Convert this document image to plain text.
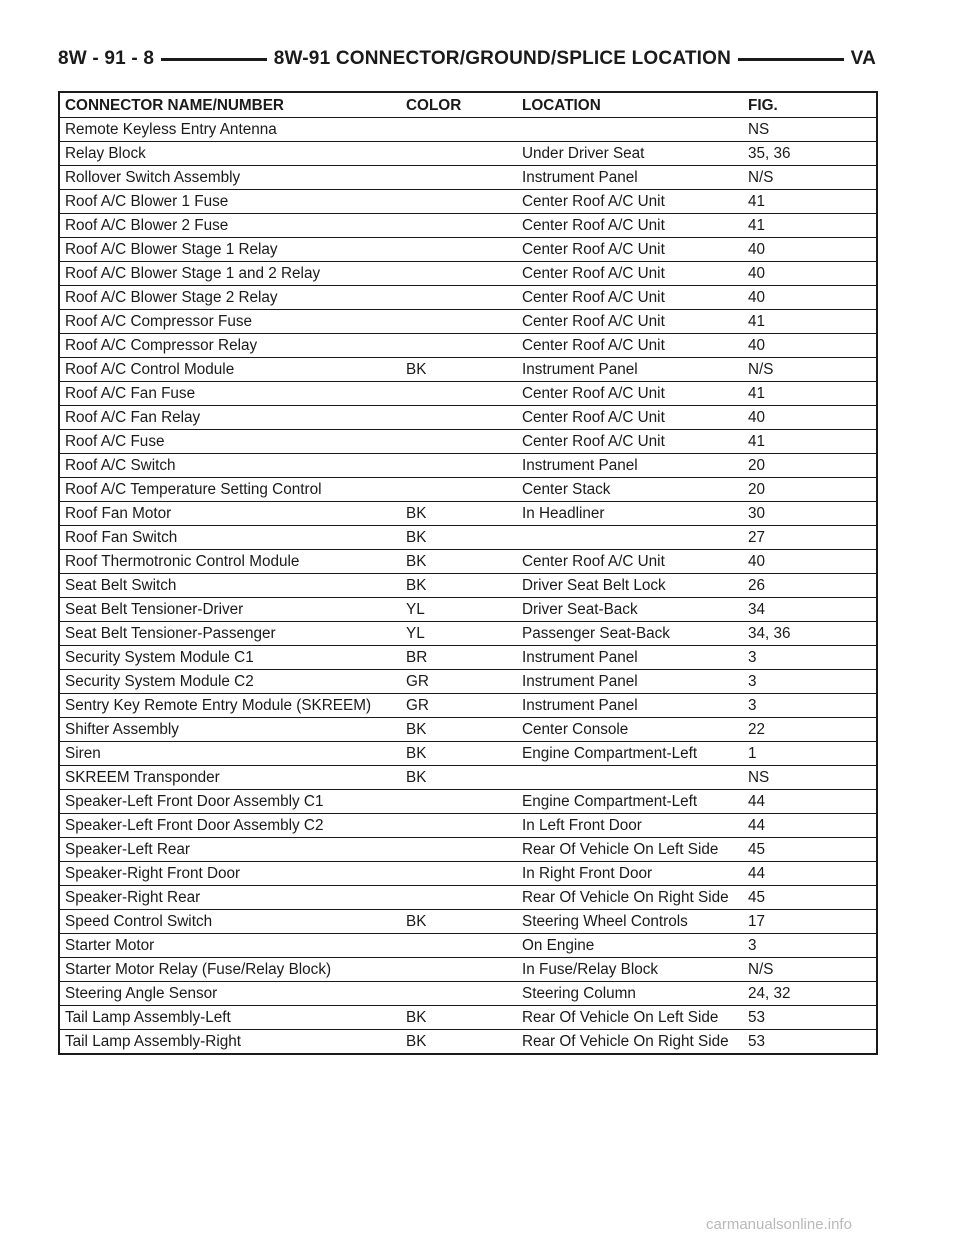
8W - 91 - 8	8W-91 CONNECTOR/GROUND/SPLICE LOCATION	VA
CONNECTOR NAME/NUMBER	COLOR	LOCATION	FIG.
Remote Keyless Entry Antenna			NS
Relay Block		Under Driver Seat	35, 36
Rollover Switch Assembly		Instrument Panel	N/S
Roof A/C Blower 1 Fuse		Center Roof A/C Unit	41
Roof A/C Blower 2 Fuse		Center Roof A/C Unit	41
Roof A/C Blower Stage 1 Relay		Center Roof A/C Unit	40
Roof A/C Blower Stage 1 and 2 Relay		Center Roof A/C Unit	40
Roof A/C Blower Stage 2 Relay		Center Roof A/C Unit	40
Roof A/C Compressor Fuse		Center Roof A/C Unit	41
Roof A/C Compressor Relay		Center Roof A/C Unit	40
Roof A/C Control Module	BK	Instrument Panel	N/S
Roof A/C Fan Fuse		Center Roof A/C Unit	41
Roof A/C Fan Relay		Center Roof A/C Unit	40
Roof A/C Fuse		Center Roof A/C Unit	41
Roof A/C Switch		Instrument Panel	20
Roof A/C Temperature Setting Control		Center Stack	20
Roof Fan Motor	BK	In Headliner	30
Roof Fan Switch	BK		27
Roof Thermotronic Control Module	BK	Center Roof A/C Unit	40
Seat Belt Switch	BK	Driver Seat Belt Lock	26
Seat Belt Tensioner-Driver	YL	Driver Seat-Back	34
Seat Belt Tensioner-Passenger	YL	Passenger Seat-Back	34, 36
Security System Module C1	BR	Instrument Panel	3
Security System Module C2	GR	Instrument Panel	3
Sentry Key Remote Entry Module (SKREEM)	GR	Instrument Panel	3
Shifter Assembly	BK	Center Console	22
Siren	BK	Engine Compartment-Left	1
SKREEM Transponder	BK		NS
Speaker-Left Front Door Assembly C1		Engine Compartment-Left	44
Speaker-Left Front Door Assembly C2		In Left Front Door	44
Speaker-Left Rear		Rear Of Vehicle On Left Side	45
Speaker-Right Front Door		In Right Front Door	44
Speaker-Right Rear		Rear Of Vehicle On Right Side	45
Speed Control Switch	BK	Steering Wheel Controls	17
Starter Motor		On Engine	3
Starter Motor Relay (Fuse/Relay Block)		In Fuse/Relay Block	N/S
Steering Angle Sensor		Steering Column	24, 32
Tail Lamp Assembly-Left	BK	Rear Of Vehicle On Left Side	53
Tail Lamp Assembly-Right	BK	Rear Of Vehicle On Right Side	53
carmanualsonline.info
